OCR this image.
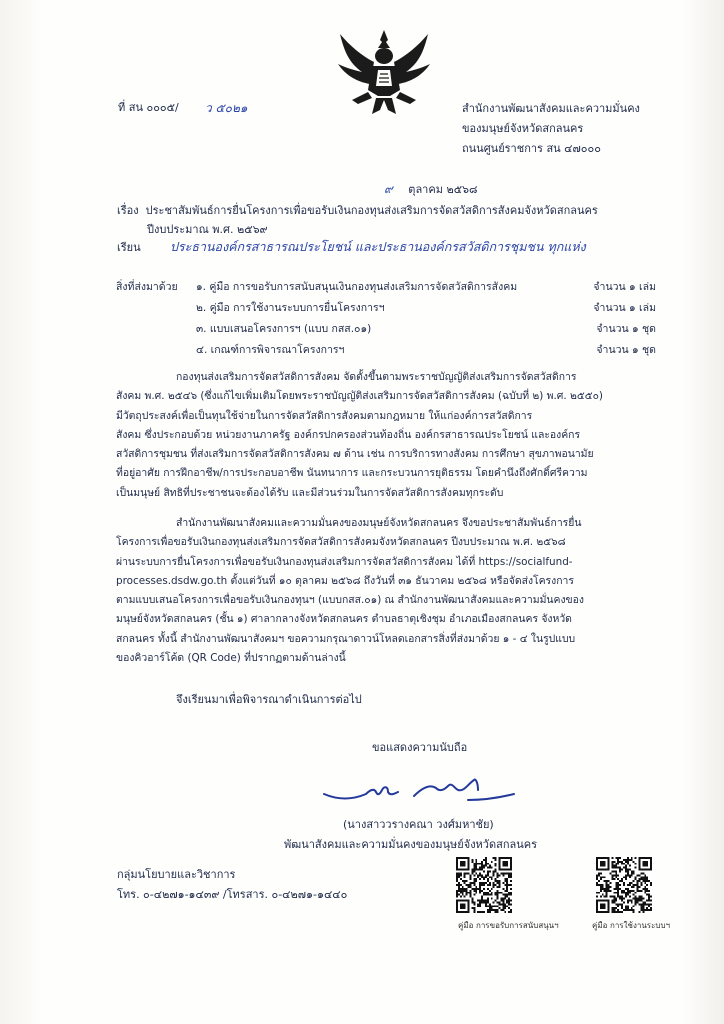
ที่ สน ๐๐๐๕/ ว ๕๐๒๑	สำนักงานพัฒนาสังคมและความมั่นคง
ของมนุษย์จังหวัดสกลนคร
ถนนศูนย์ราชการ สน ๔๗๐๐๐
๙ ตุลาคม ๒๕๖๘
เรื่อง ประชาสัมพันธ์การยื่นโครงการเพื่อขอรับเงินกองทุนส่งเสริมการจัดสวัสดิการสังคมจังหวัดสกลนคร
ปีงบประมาณ พ.ศ. ๒๕๖๙
เรียน ประธานองค์กรสาธารณประโยชน์ และประธานองค์กรสวัสดิการชุมชน ทุกแห่ง
สิ่งที่ส่งมาด้วย ๑. คู่มือ การขอรับการสนับสนุนเงินกองทุนส่งเสริมการจัดสวัสดิการสังคม	จำนวน ๑ เล่ม
๒. คู่มือ การใช้งานระบบการยื่นโครงการฯ	จำนวน ๑ เล่ม
๓. แบบเสนอโครงการฯ (แบบ กสส.๐๑)	จำนวน ๑ ชุด
๔. เกณฑ์การพิจารณาโครงการฯ	จำนวน ๑ ชุด
กองทุนส่งเสริมการจัดสวัสดิการสังคม จัดตั้งขึ้นตามพระราชบัญญัติส่งเสริมการจัดสวัสดิการ
สังคม พ.ศ. ๒๕๔๖ (ซึ่งแก้ไขเพิ่มเติมโดยพระราชบัญญัติส่งเสริมการจัดสวัสดิการสังคม (ฉบับที่ ๒) พ.ศ. ๒๕๕๐)
มีวัตถุประสงค์เพื่อเป็นทุนใช้จ่ายในการจัดสวัสดิการสังคมตามกฎหมาย ให้แก่องค์การสวัสดิการ
สังคม ซึ่งประกอบด้วย หน่วยงานภาครัฐ องค์กรปกครองส่วนท้องถิ่น องค์กรสาธารณประโยชน์ และองค์กร
สวัสดิการชุมชน ที่ส่งเสริมการจัดสวัสดิการสังคม ๗ ด้าน เช่น การบริการทางสังคม การศึกษา สุขภาพอนามัย
ที่อยู่อาศัย การฝึกอาชีพ/การประกอบอาชีพ นันทนาการ และกระบวนการยุติธรรม โดยคำนึงถึงศักดิ์ศรีความ
เป็นมนุษย์ สิทธิที่ประชาชนจะต้องได้รับ และมีส่วนร่วมในการจัดสวัสดิการสังคมทุกระดับ
สำนักงานพัฒนาสังคมและความมั่นคงของมนุษย์จังหวัดสกลนคร จึงขอประชาสัมพันธ์การยื่น
โครงการเพื่อขอรับเงินกองทุนส่งเสริมการจัดสวัสดิการสังคมจังหวัดสกลนคร ปีงบประมาณ พ.ศ. ๒๕๖๘
ผ่านระบบการยื่นโครงการเพื่อขอรับเงินกองทุนส่งเสริมการจัดสวัสดิการสังคม ได้ที่ https://socialfund-
processes.dsdw.go.th ตั้งแต่วันที่ ๑๐ ตุลาคม ๒๕๖๘ ถึงวันที่ ๓๑ ธันวาคม ๒๕๖๘ หรือจัดส่งโครงการ
ตามแบบเสนอโครงการเพื่อขอรับเงินกองทุนฯ (แบบกสส.๐๑) ณ สำนักงานพัฒนาสังคมและความมั่นคงของ
มนุษย์จังหวัดสกลนคร (ชั้น ๑) ศาลากลางจังหวัดสกลนคร ตำบลธาตุเชิงชุม อำเภอเมืองสกลนคร จังหวัด
สกลนคร ทั้งนี้ สำนักงานพัฒนาสังคมฯ ขอความกรุณาดาวน์โหลดเอกสารสิ่งที่ส่งมาด้วย ๑ - ๔ ในรูปแบบ
ของคิวอาร์โค้ด (QR Code) ที่ปรากฏตามด้านล่างนี้
จึงเรียนมาเพื่อพิจารณาดำเนินการต่อไป
ขอแสดงความนับถือ
(นางสาววรางคณา วงศ์มหาชัย)
พัฒนาสังคมและความมั่นคงของมนุษย์จังหวัดสกลนคร
กลุ่มนโยบายและวิชาการ
โทร. ๐-๔๒๗๑-๑๔๓๙ /โทรสาร. ๐-๔๒๗๑-๑๔๔๐
คู่มือ การขอรับการสนับสนุนฯ	คู่มือ การใช้งานระบบฯ
